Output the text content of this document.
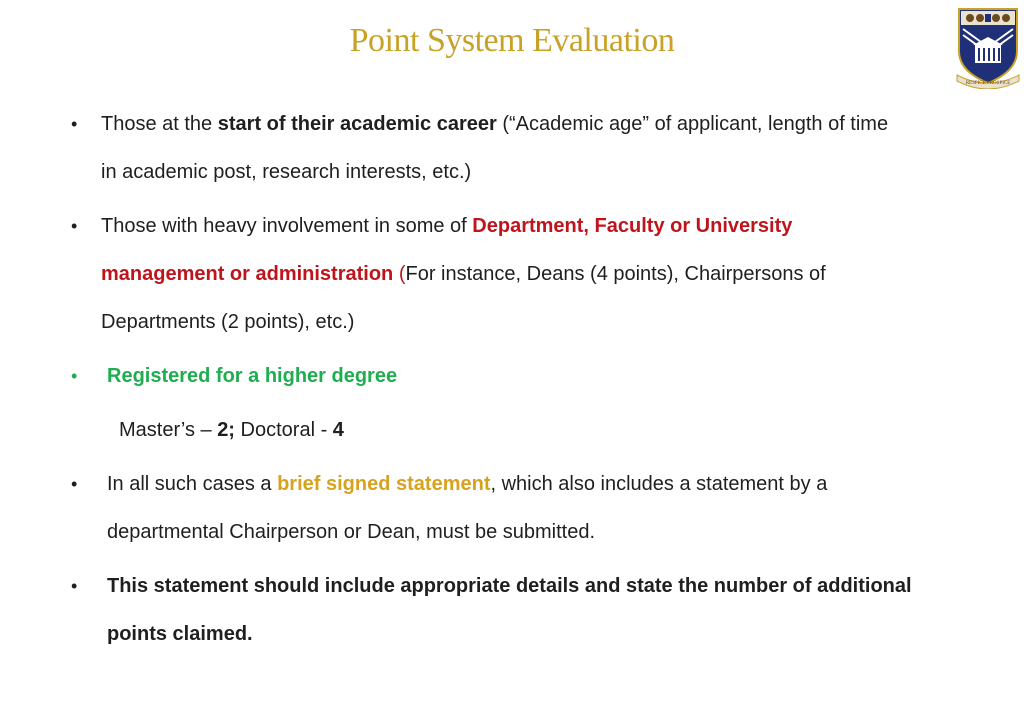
Point System Evaluation
RESPICE PROSPICE
• Those at the start of their academic career (“Academic age” of applicant, length of time
in academic post, research interests, etc.)
• Those with heavy involvement in some of Department, Faculty or University
management or administration (For instance, Deans (4 points), Chairpersons of
Departments (2 points), etc.)
• Registered for a higher degree
Master’s – 2; Doctoral - 4
• In all such cases a brief signed statement, which also includes a statement by a
departmental Chairperson or Dean, must be submitted.
• This statement should include appropriate details and state the number of additional
points claimed.
